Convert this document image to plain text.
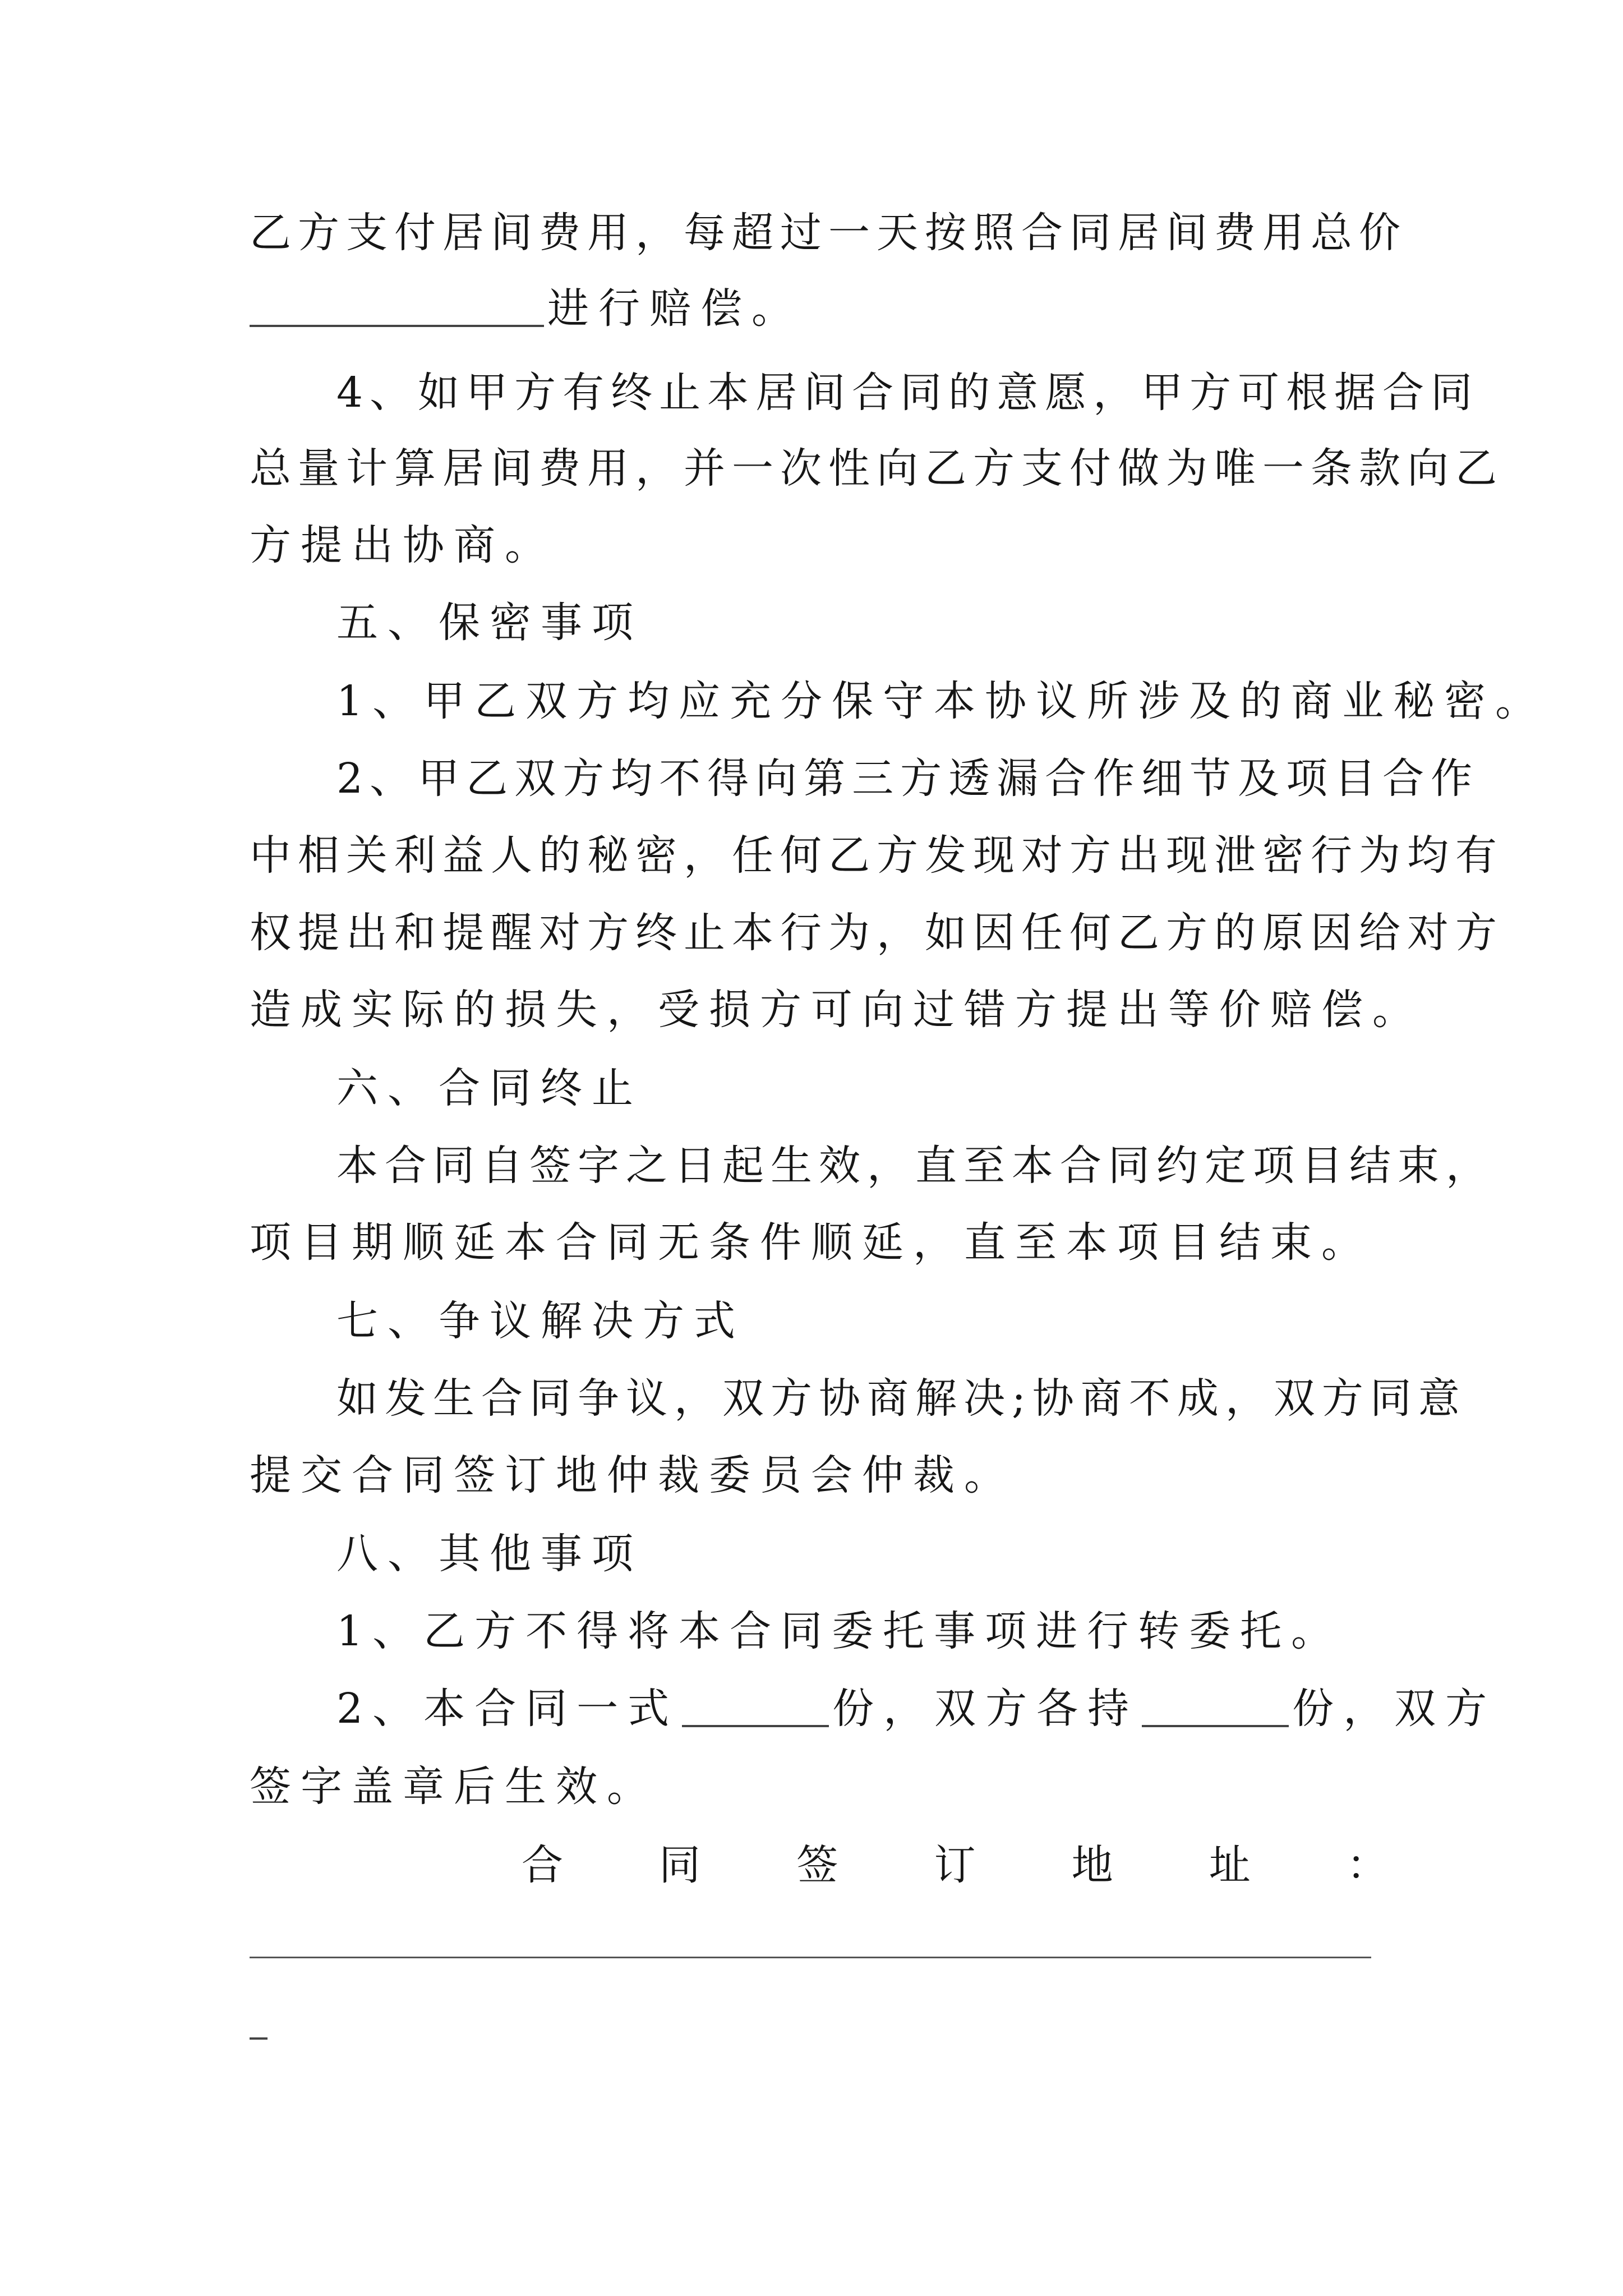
乙方支付居间费用，每超过一天按照合同居间费用总价
进行赔偿。
4、如甲方有终止本居间合同的意愿，甲方可根据合同
总量计算居间费用，并一次性向乙方支付做为唯一条款向乙
方提出协商。
五、保密事项
1、甲乙双方均应充分保守本协议所涉及的商业秘密。
2、甲乙双方均不得向第三方透漏合作细节及项目合作
中相关利益人的秘密，任何乙方发现对方出现泄密行为均有
权提出和提醒对方终止本行为，如因任何乙方的原因给对方
造成实际的损失，受损方可向过错方提出等价赔偿。
六、合同终止
本合同自签字之日起生效，直至本合同约定项目结束，
项目期顺延本合同无条件顺延，直至本项目结束。
七、争议解决方式
如发生合同争议，双方协商解决;协商不成，双方同意
提交合同签订地仲裁委员会仲裁。
八、其他事项
1、乙方不得将本合同委托事项进行转委托。
2、本合同一式	份，双方各持	份，双方
签字盖章后生效。
合 同 签 订 地 址 ：
